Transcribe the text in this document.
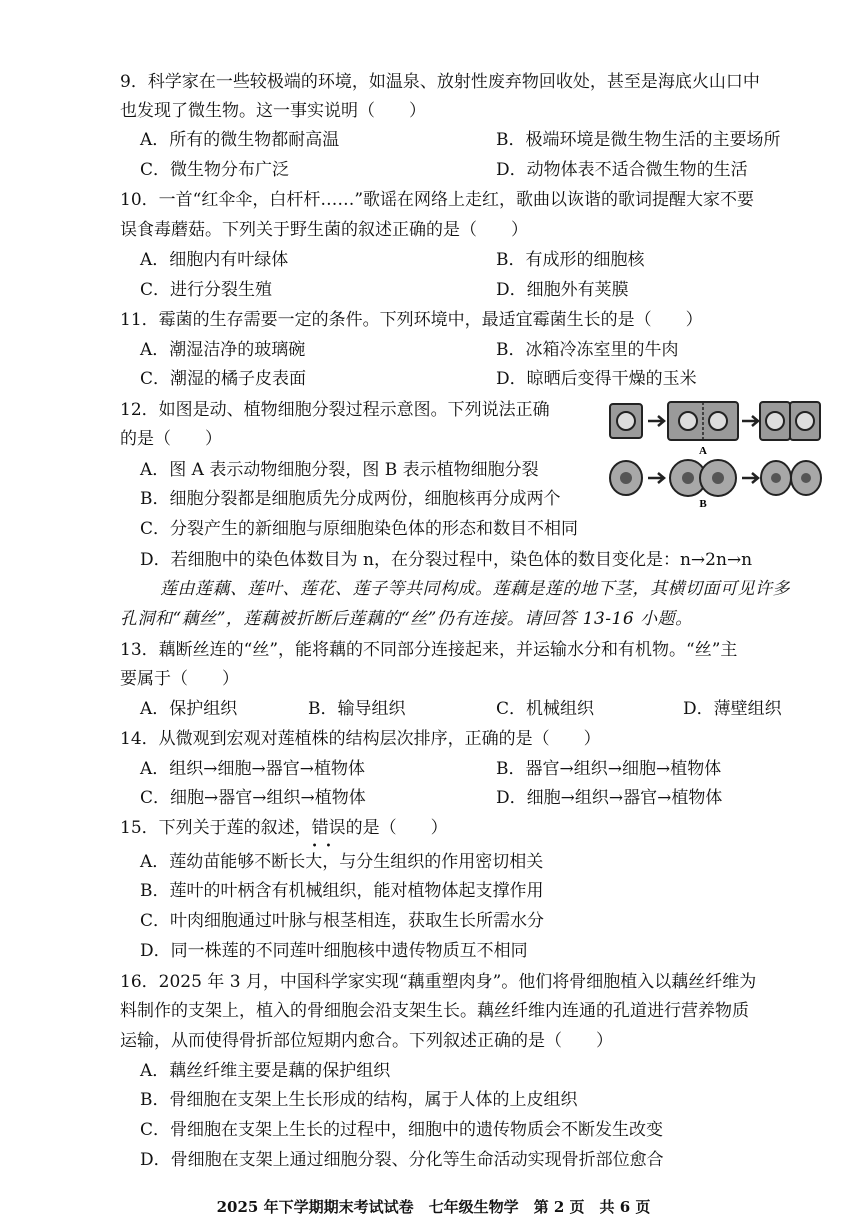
9．科学家在一些较极端的环境，如温泉、放射性废弃物回收处，甚至是海底火山口中
也发现了微生物。这一事实说明（　　）
A．所有的微生物都耐高温	B．极端环境是微生物生活的主要场所
C．微生物分布广泛	D．动物体表不适合微生物的生活
10．一首“红伞伞，白杆杆……”歌谣在网络上走红，歌曲以诙谐的歌词提醒大家不要
误食毒蘑菇。下列关于野生菌的叙述正确的是（　　）
A．细胞内有叶绿体	B．有成形的细胞核
C．进行分裂生殖	D．细胞外有荚膜
11．霉菌的生存需要一定的条件。下列环境中，最适宜霉菌生长的是（　　）
A．潮湿洁净的玻璃碗	B．冰箱冷冻室里的牛肉
C．潮湿的橘子皮表面	D．晾晒后变得干燥的玉米
12．如图是动、植物细胞分裂过程示意图。下列说法正确
的是（　　）
A．图 A 表示动物细胞分裂，图 B 表示植物细胞分裂
B．细胞分裂都是细胞质先分成两份，细胞核再分成两个
C．分裂产生的新细胞与原细胞染色体的形态和数目不相同
D．若细胞中的染色体数目为 n，在分裂过程中，染色体的数目变化是：n→2n→n
A
B
莲由莲藕、莲叶、莲花、莲子等共同构成。莲藕是莲的地下茎，其横切面可见许多
孔洞和“藕丝”，莲藕被折断后莲藕的“丝”仍有连接。请回答 13-16 小题。
13．藕断丝连的“丝”，能将藕的不同部分连接起来，并运输水分和有机物。“丝”主
要属于（　　）
A．保护组织	B．输导组织	C．机械组织	D．薄壁组织
14．从微观到宏观对莲植株的结构层次排序，正确的是（　　）
A．组织→细胞→器官→植物体	B．器官→组织→细胞→植物体
C．细胞→器官→组织→植物体	D．细胞→组织→器官→植物体
15．下列关于莲的叙述，错误
••
的是（　　）
A．莲幼苗能够不断长大，与分生组织的作用密切相关
B．莲叶的叶柄含有机械组织，能对植物体起支撑作用
C．叶肉细胞通过叶脉与根茎相连，获取生长所需水分
D．同一株莲的不同莲叶细胞核中遗传物质互不相同
16．2025 年 3 月，中国科学家实现“藕重塑肉身”。他们将骨细胞植入以藕丝纤维为
料制作的支架上，植入的骨细胞会沿支架生长。藕丝纤维内连通的孔道进行营养物质
运输，从而使得骨折部位短期内愈合。下列叙述正确的是（　　）
A．藕丝纤维主要是藕的保护组织
B．骨细胞在支架上生长形成的结构，属于人体的上皮组织
C．骨细胞在支架上生长的过程中，细胞中的遗传物质会不断发生改变
D．骨细胞在支架上通过细胞分裂、分化等生命活动实现骨折部位愈合
2025 年下学期期末考试试卷　七年级生物学　第 2 页　共 6 页
